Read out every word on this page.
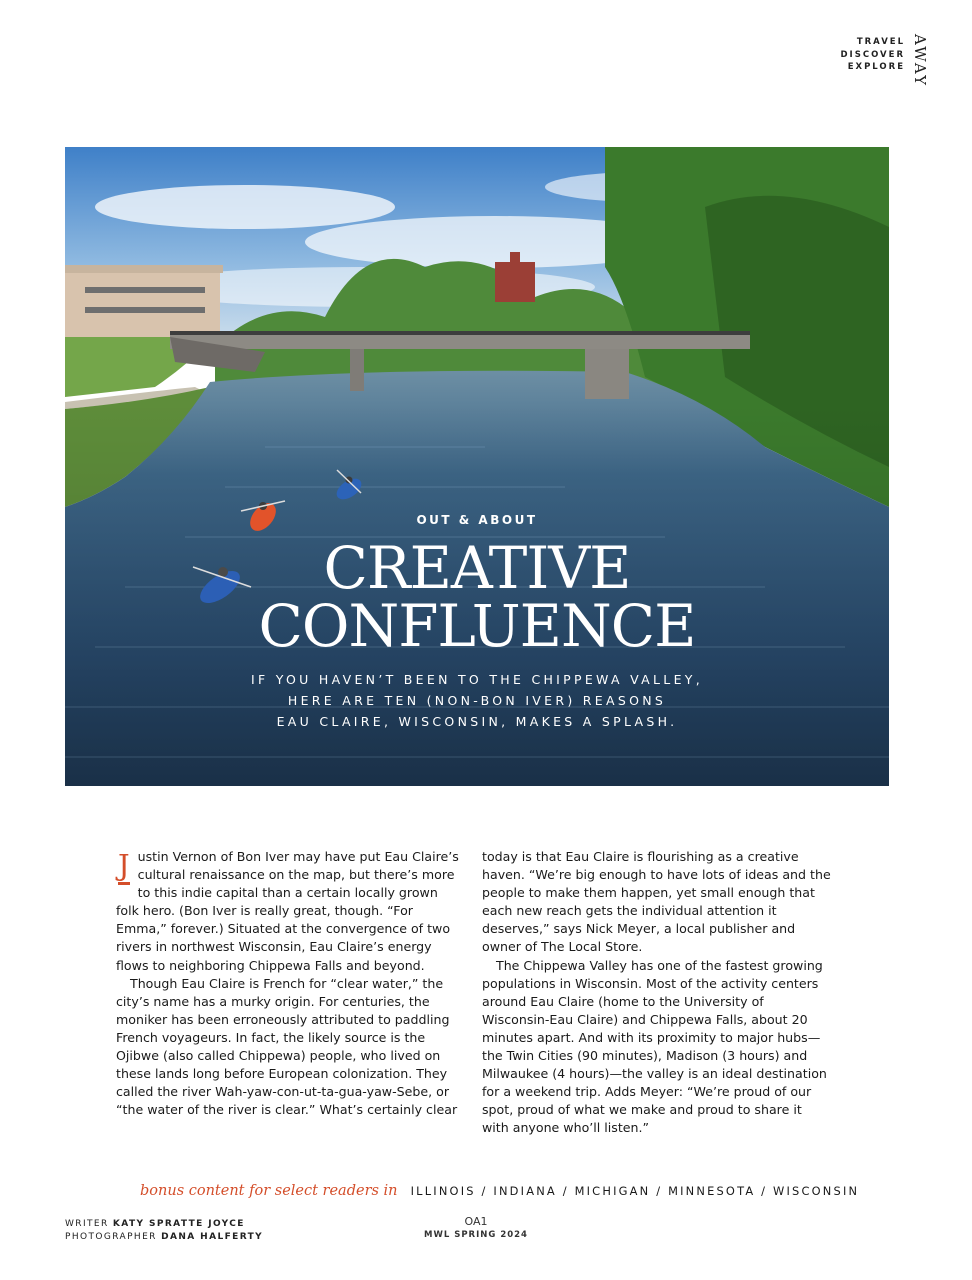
TRAVEL
DISCOVER
EXPLORE AWAY
OUT & ABOUT
CREATIVE
CONFLUENCE
IF YOU HAVEN’T BEEN TO THE CHIPPEWA VALLEY,
HERE ARE TEN (NON-BON IVER) REASONS
EAU CLAIRE, WISCONSIN, MAKES A SPLASH.

J ustin Vernon of Bon Iver may have put Eau Claire’s cultural renaissance on the map, but there’s more to this indie capital than a certain locally grown folk hero. (Bon Iver is really great, though. “For Emma,” forever.) Situated at the convergence of two rivers in northwest Wisconsin, Eau Claire’s energy flows to neighboring Chippewa Falls and beyond.

Though Eau Claire is French for “clear water,” the city’s name has a murky origin. For centuries, the moniker has been erroneously attributed to paddling French voyageurs. In fact, the likely source is the Ojibwe (also called Chippewa) people, who lived on these lands long before European colonization. They called the river Wah-yaw-con-ut-ta-gua-yaw-Sebe, or “the water of the river is clear.” What’s certainly clear

today is that Eau Claire is flourishing as a creative haven. “We’re big enough to have lots of ideas and the people to make them happen, yet small enough that each new reach gets the individual attention it deserves,” says Nick Meyer, a local publisher and owner of The Local Store.

The Chippewa Valley has one of the fastest growing populations in Wisconsin. Most of the activity centers around Eau Claire (home to the University of Wisconsin-Eau Claire) and Chippewa Falls, about 20 minutes apart. And with its proximity to major hubs—the Twin Cities (90 minutes), Madison (3 hours) and Milwaukee (4 hours)—the valley is an ideal destination for a weekend trip. Adds Meyer: “We’re proud of our spot, proud of what we make and proud to share it with anyone who’ll listen.”

bonus content for select readers in ILLINOIS / INDIANA / MICHIGAN / MINNESOTA / WISCONSIN
WRITER KATY SPRATTE JOYCE
PHOTOGRAPHER DANA HALFERTY
OA1
MWL SPRING 2024
